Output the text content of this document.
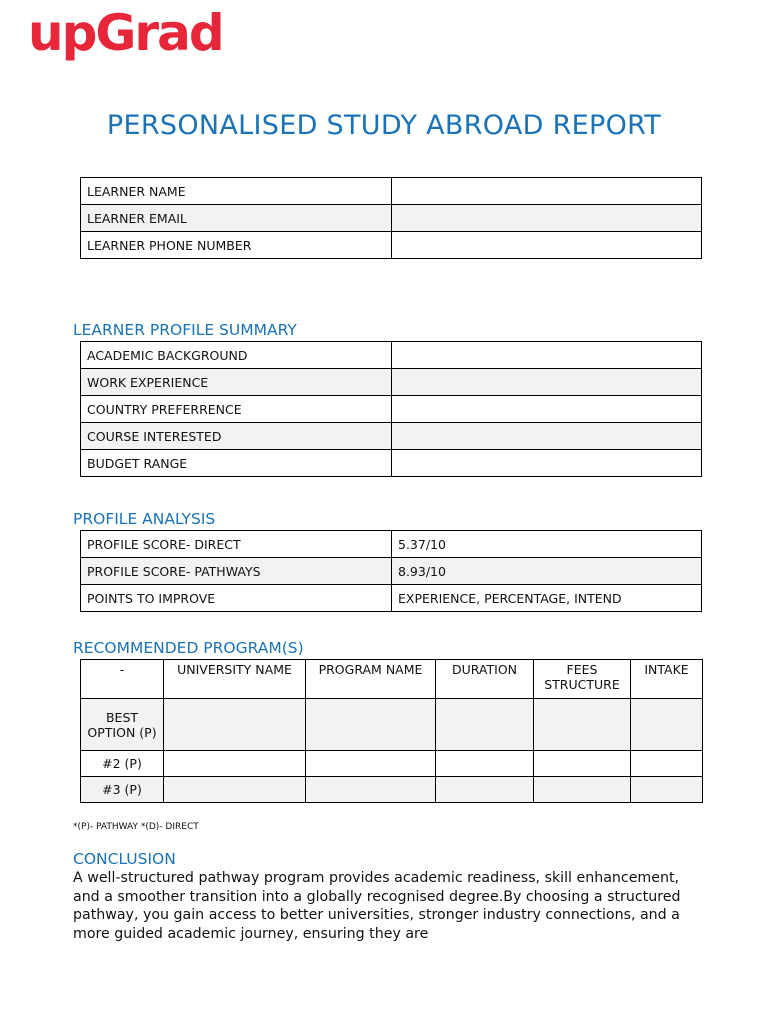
upGrad
PERSONALISED STUDY ABROAD REPORT
LEARNER NAME	
LEARNER EMAIL	
LEARNER PHONE NUMBER	
LEARNER PROFILE SUMMARY
ACADEMIC BACKGROUND	
WORK EXPERIENCE	
COUNTRY PREFERRENCE	
COURSE INTERESTED	
BUDGET RANGE	
PROFILE ANALYSIS
PROFILE SCORE- DIRECT	5.37/10
PROFILE SCORE- PATHWAYS	8.93/10
POINTS TO IMPROVE	EXPERIENCE, PERCENTAGE, INTEND
RECOMMENDED PROGRAM(S)
-	UNIVERSITY NAME	PROGRAM NAME	DURATION	FEES STRUCTURE	INTAKE
BEST OPTION (P)					
#2 (P)					
#3 (P)					
*(P)- PATHWAY *(D)- DIRECT
CONCLUSION
A well-structured pathway program provides academic readiness, skill enhancement, and a smoother transition into a globally recognised degree.By choosing a structured pathway, you gain access to better universities, stronger industry connections, and a more guided academic journey, ensuring they are
